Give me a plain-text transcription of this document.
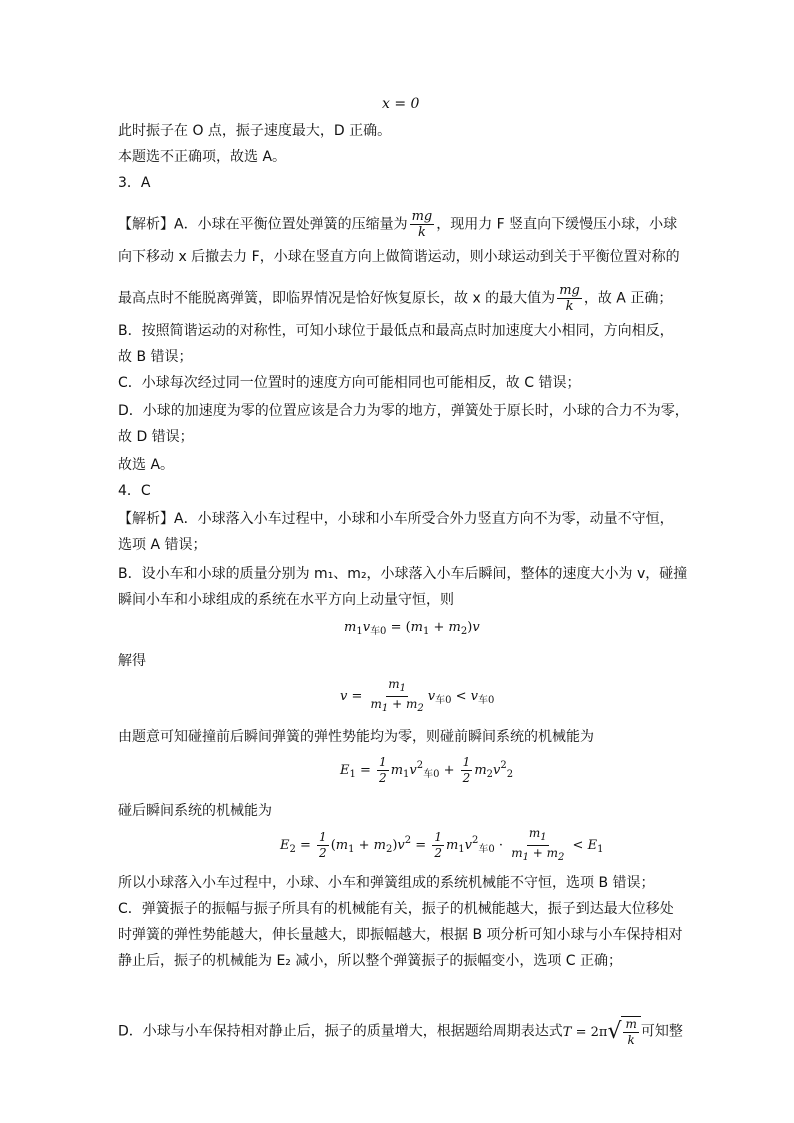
x = 0
此时振子在 O 点，振子速度最大，D 正确。
本题选不正确项，故选 A。
3．A
【解析】A．小球在平衡位置处弹簧的压缩量为 $\frac{mg}{k}$ ，现用力 F 竖直向下缓慢压小球，小球
向下移动 x 后撤去力 F，小球在竖直方向上做简谐运动，则小球运动到关于平衡位置对称的
最高点时不能脱离弹簧，即临界情况是恰好恢复原长，故 x 的最大值为 $\frac{mg}{k}$ ，故 A 正确；
B．按照简谐运动的对称性，可知小球位于最低点和最高点时加速度大小相同，方向相反，
故 B 错误；
C．小球每次经过同一位置时的速度方向可能相同也可能相反，故 C 错误；
D．小球的加速度为零的位置应该是合力为零的地方，弹簧处于原长时，小球的合力不为零，
故 D 错误；
故选 A。
4．C
【解析】A．小球落入小车过程中，小球和小车所受合外力竖直方向不为零，动量不守恒，
选项 A 错误；
B．设小车和小球的质量分别为 m₁、m₂，小球落入小车后瞬间，整体的速度大小为 v，碰撞
瞬间小车和小球组成的系统在水平方向上动量守恒，则
$m_1v_{车0} = (m_1 + m_2)v$
解得
$v = \frac{m_1}{m_1 + m_2} v_{车0} < v_{车0}$
由题意可知碰撞前后瞬间弹簧的弹性势能均为零，则碰前瞬间系统的机械能为
$E_1 = \frac{1}{2} m_1v^2_{车0} + \frac{1}{2} m_2v^2_2$
碰后瞬间系统的机械能为
$E_2 = \frac{1}{2} (m_1 + m_2)v^2 = \frac{1}{2} m_1v^2_{车0} \cdot \frac{m_1}{m_1 + m_2} < E_1$
所以小球落入小车过程中，小球、小车和弹簧组成的系统机械能不守恒，选项 B 错误；
C．弹簧振子的振幅与振子所具有的机械能有关，振子的机械能越大，振子到达最大位移处
时弹簧的弹性势能越大，伸长量越大，即振幅越大，根据 B 项分析可知小球与小车保持相对
静止后，振子的机械能为 E₂ 减小，所以整个弹簧振子的振幅变小，选项 C 正确；
D．小球与小车保持相对静止后，振子的质量增大，根据题给周期表达式T = 2π √ $\frac{m}{k}$ 可知整
